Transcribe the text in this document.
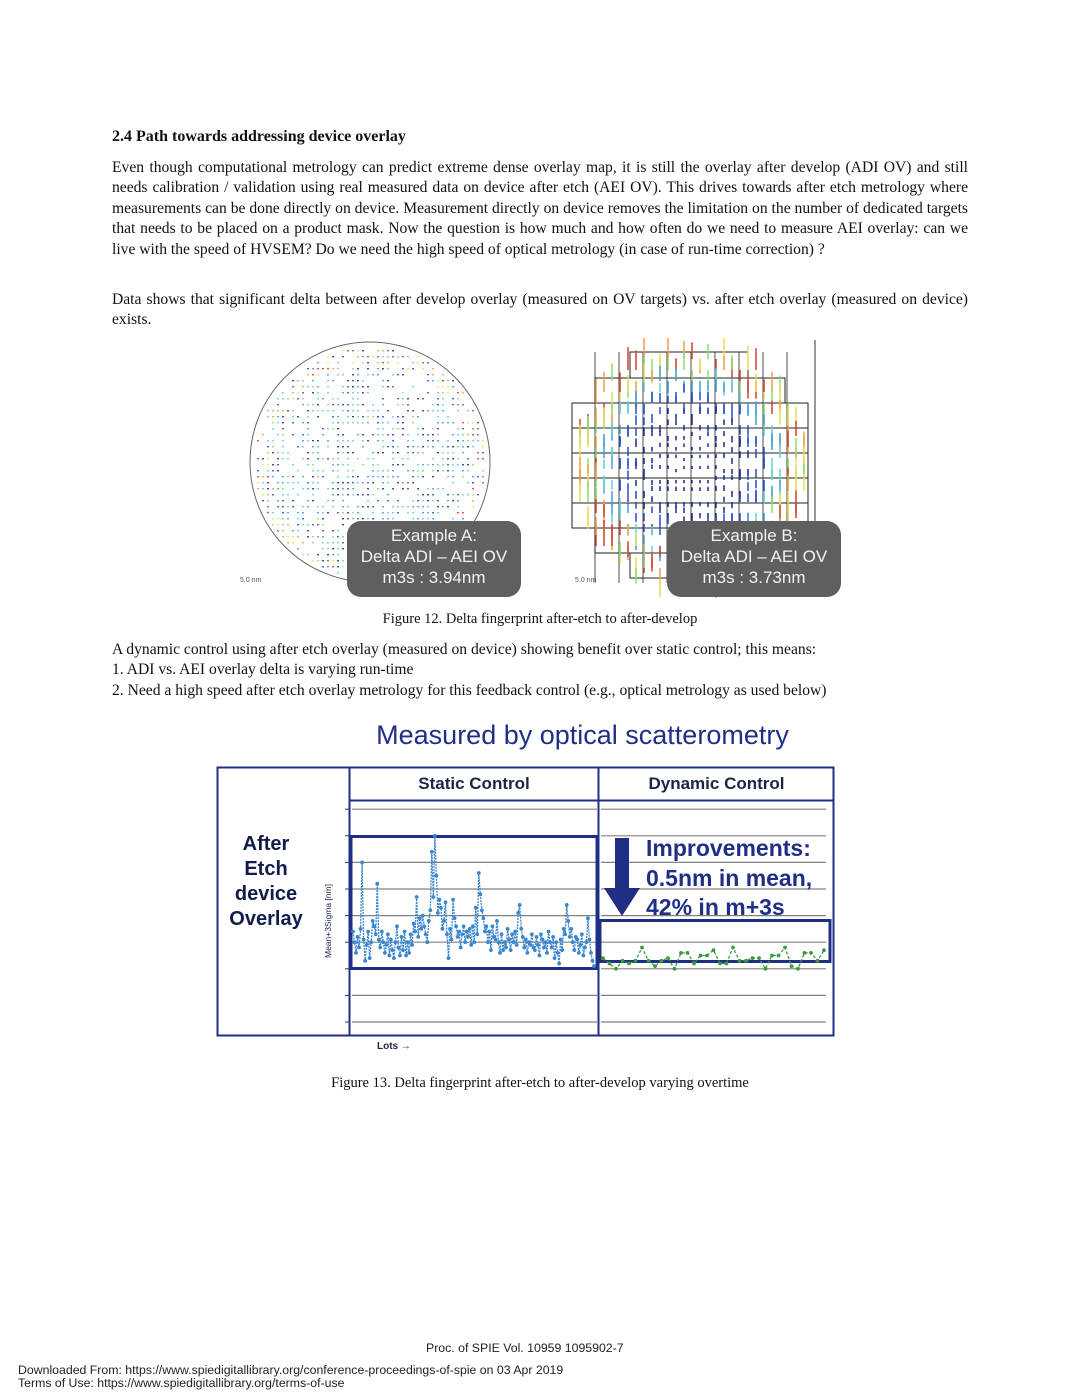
2.4 Path towards addressing device overlay
Even though computational metrology can predict extreme dense overlay map, it is still the overlay after develop (ADI OV) and still needs calibration / validation using real measured data on device after etch (AEI OV). This drives towards after etch metrology where measurements can be done directly on device. Measurement directly on device removes the limitation on the number of dedicated targets that needs to be placed on a product mask. Now the question is how much and how often do we need to measure AEI overlay: can we live with the speed of HVSEM? Do we need the high speed of optical metrology (in case of run-time correction) ?
Data shows that significant delta between after develop overlay (measured on OV targets) vs. after etch overlay (measured on device) exists.
5.0 nm
Example A:
Delta ADI – AEI OV
m3s : 3.94nm	5.0 nm
Example B:
Delta ADI – AEI OV
m3s : 3.73nm
Figure 12. Delta fingerprint after-etch to after-develop
A dynamic control using after etch overlay (measured on device) showing benefit over static control; this means:
1. ADI vs. AEI overlay delta is varying run-time
2. Need a high speed after etch overlay metrology for this feedback control (e.g., optical metrology as used below)
Measured by optical scatterometry
Static Control	Dynamic Control
After
Etch
device
Overlay	Mean+3Sigma [nm]
Lots →
Improvements:
0.5nm in mean,
42% in m+3s
Figure 13. Delta fingerprint after-etch to after-develop varying overtime
Proc. of SPIE Vol. 10959 1095902-7
Downloaded From: https://www.spiedigitallibrary.org/conference-proceedings-of-spie on 03 Apr 2019
Terms of Use: https://www.spiedigitallibrary.org/terms-of-use
